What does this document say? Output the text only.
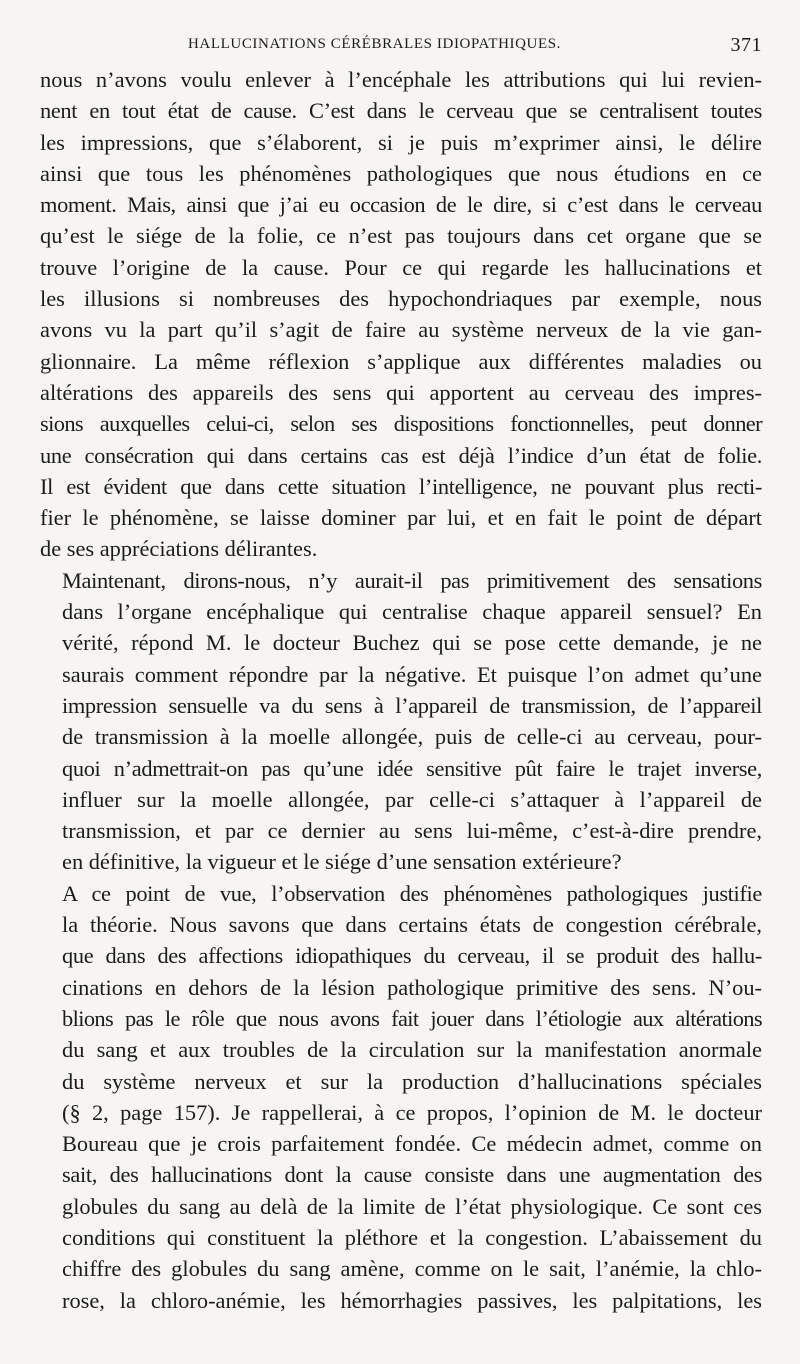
HALLUCINATIONS CÉRÉBRALES IDIOPATHIQUES.	371
nous n’avons voulu enlever à l’encéphale les attributions qui lui revien-
nent en tout état de cause. C’est dans le cerveau que se centralisent toutes
les impressions, que s’élaborent, si je puis m’exprimer ainsi, le délire
ainsi que tous les phénomènes pathologiques que nous étudions en ce
moment. Mais, ainsi que j’ai eu occasion de le dire, si c’est dans le cerveau
qu’est le siége de la folie, ce n’est pas toujours dans cet organe que se
trouve l’origine de la cause. Pour ce qui regarde les hallucinations et
les illusions si nombreuses des hypochondriaques par exemple, nous
avons vu la part qu’il s’agit de faire au système nerveux de la vie gan-
glionnaire. La même réflexion s’applique aux différentes maladies ou
altérations des appareils des sens qui apportent au cerveau des impres-
sions auxquelles celui-ci, selon ses dispositions fonctionnelles, peut donner
une consécration qui dans certains cas est déjà l’indice d’un état de folie.
Il est évident que dans cette situation l’intelligence, ne pouvant plus recti-
fier le phénomène, se laisse dominer par lui, et en fait le point de départ
de ses appréciations délirantes.
Maintenant, dirons-nous, n’y aurait-il pas primitivement des sensations
dans l’organe encéphalique qui centralise chaque appareil sensuel? En
vérité, répond M. le docteur Buchez qui se pose cette demande, je ne
saurais comment répondre par la négative. Et puisque l’on admet qu’une
impression sensuelle va du sens à l’appareil de transmission, de l’appareil
de transmission à la moelle allongée, puis de celle-ci au cerveau, pour-
quoi n’admettrait-on pas qu’une idée sensitive pût faire le trajet inverse,
influer sur la moelle allongée, par celle-ci s’attaquer à l’appareil de
transmission, et par ce dernier au sens lui-même, c’est-à-dire prendre,
en définitive, la vigueur et le siége d’une sensation extérieure?
A ce point de vue, l’observation des phénomènes pathologiques justifie
la théorie. Nous savons que dans certains états de congestion cérébrale,
que dans des affections idiopathiques du cerveau, il se produit des hallu-
cinations en dehors de la lésion pathologique primitive des sens. N’ou-
blions pas le rôle que nous avons fait jouer dans l’étiologie aux altérations
du sang et aux troubles de la circulation sur la manifestation anormale
du système nerveux et sur la production d’hallucinations spéciales
(§ 2, page 157). Je rappellerai, à ce propos, l’opinion de M. le docteur
Boureau que je crois parfaitement fondée. Ce médecin admet, comme on
sait, des hallucinations dont la cause consiste dans une augmentation des
globules du sang au delà de la limite de l’état physiologique. Ce sont ces
conditions qui constituent la pléthore et la congestion. L’abaissement du
chiffre des globules du sang amène, comme on le sait, l’anémie, la chlo-
rose, la chloro-anémie, les hémorrhagies passives, les palpitations, les
